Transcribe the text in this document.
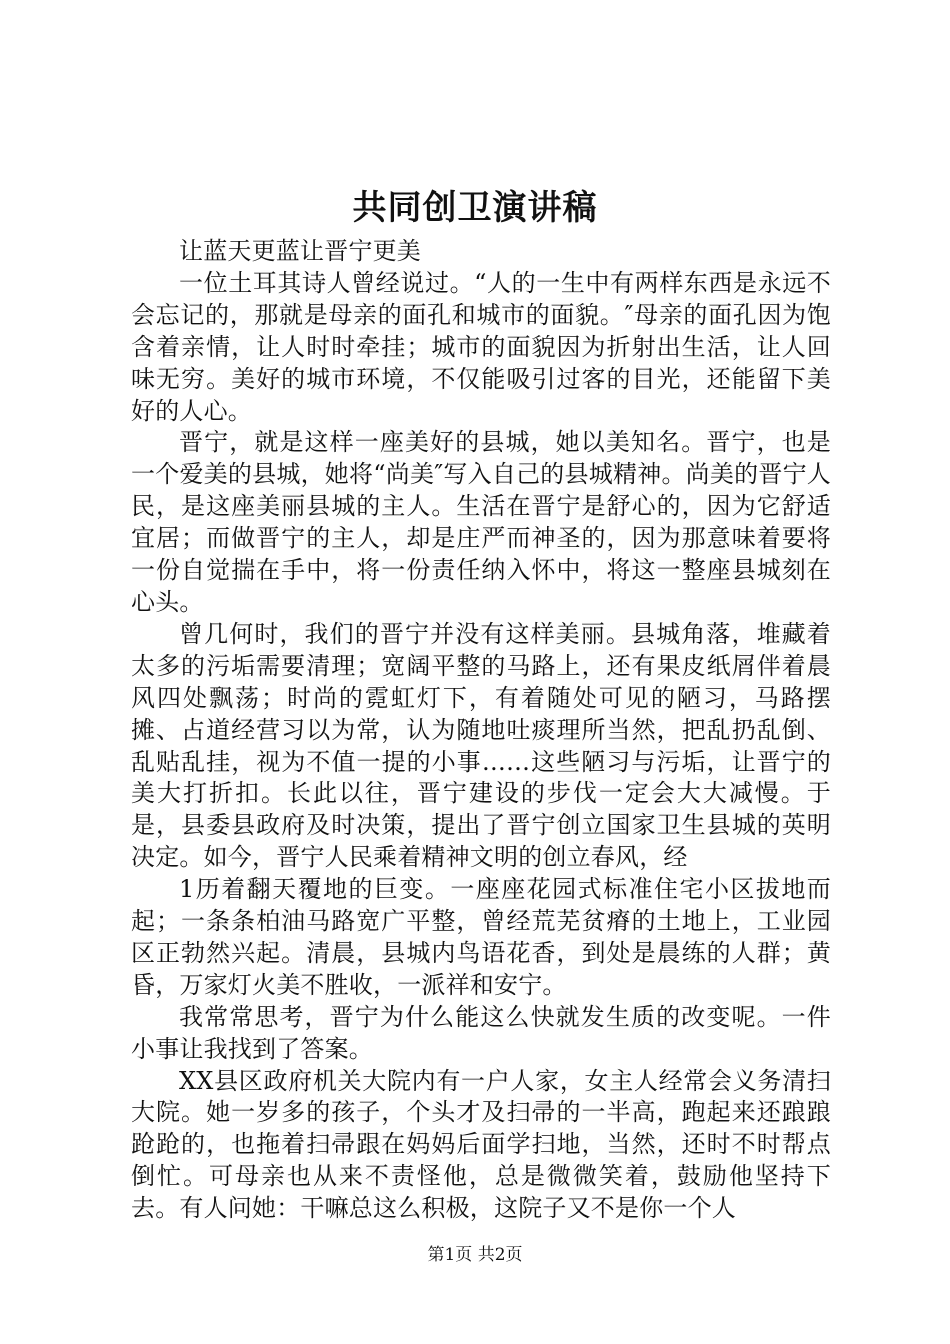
共同创卫演讲稿

让蓝天更蓝让晋宁更美

一位土耳其诗人曾经说过。“人的一生中有两样东西是永远不会忘记的，那就是母亲的面孔和城市的面貌。″母亲的面孔因为饱含着亲情，让人时时牵挂；城市的面貌因为折射出生活，让人回味无穷。美好的城市环境，不仅能吸引过客的目光，还能留下美好的人心。

晋宁，就是这样一座美好的县城，她以美知名。晋宁，也是一个爱美的县城，她将“尚美″写入自己的县城精神。尚美的晋宁人民，是这座美丽县城的主人。生活在晋宁是舒心的，因为它舒适宜居；而做晋宁的主人，却是庄严而神圣的，因为那意味着要将一份自觉揣在手中，将一份责任纳入怀中，将这一整座县城刻在心头。

曾几何时，我们的晋宁并没有这样美丽。县城角落，堆藏着太多的污垢需要清理；宽阔平整的马路上，还有果皮纸屑伴着晨风四处飘荡；时尚的霓虹灯下，有着随处可见的陋习，马路摆摊、占道经营习以为常，认为随地吐痰理所当然，把乱扔乱倒、乱贴乱挂，视为不值一提的小事……这些陋习与污垢，让晋宁的美大打折扣。长此以往，晋宁建设的步伐一定会大大减慢。于是，县委县政府及时决策，提出了晋宁创立国家卫生县城的英明决定。如今，晋宁人民乘着精神文明的创立春风，经

1历着翻天覆地的巨变。一座座花园式标准住宅小区拔地而起；一条条柏油马路宽广平整，曾经荒芜贫瘠的土地上，工业园区正勃然兴起。清晨，县城内鸟语花香，到处是晨练的人群；黄昏，万家灯火美不胜收，一派祥和安宁。

我常常思考，晋宁为什么能这么快就发生质的改变呢。一件小事让我找到了答案。

XX县区政府机关大院内有一户人家，女主人经常会义务清扫大院。她一岁多的孩子，个头才及扫帚的一半高，跑起来还踉踉跄跄的，也拖着扫帚跟在妈妈后面学扫地，当然，还时不时帮点倒忙。可母亲也从来不责怪他，总是微微笑着，鼓励他坚持下去。有人问她：干嘛总这么积极，这院子又不是你一个人

第1页 共2页
